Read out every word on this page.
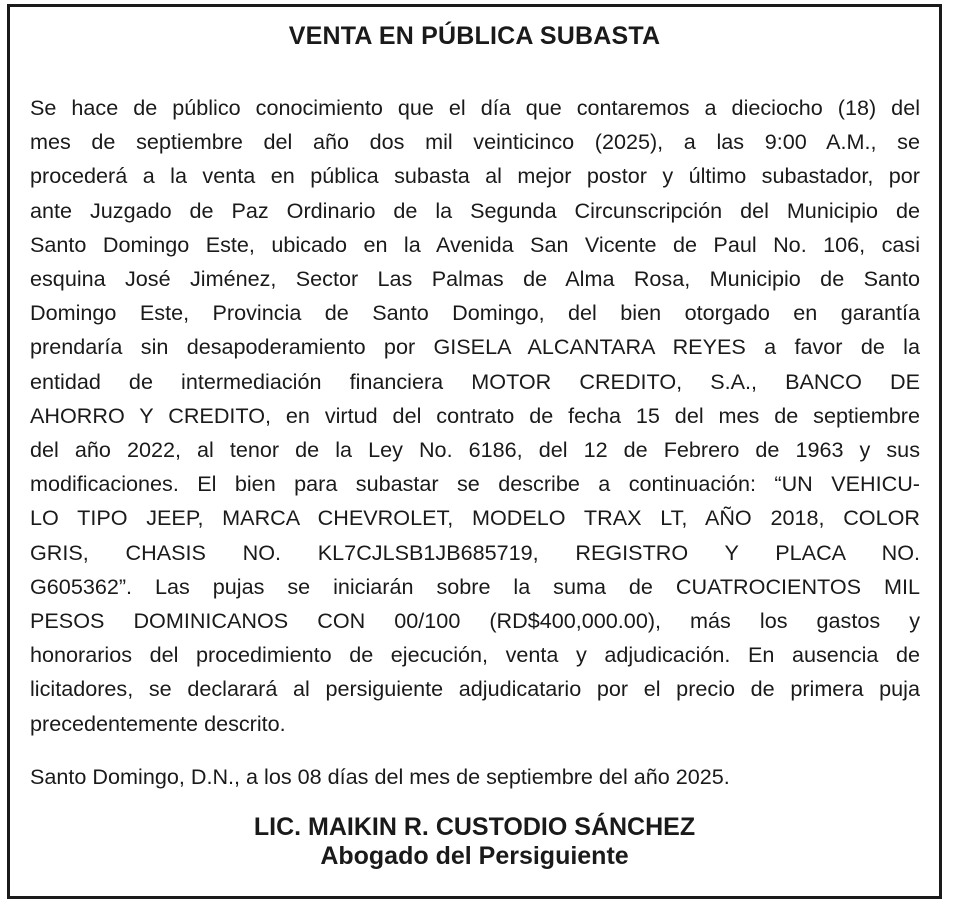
VENTA EN PÚBLICA SUBASTA
Se hace de público conocimiento que el día que contaremos a dieciocho (18) del
mes de septiembre del año dos mil veinticinco (2025), a las 9:00 A.M., se
procederá a la venta en pública subasta al mejor postor y último subastador, por
ante Juzgado de Paz Ordinario de la Segunda Circunscripción del Municipio de
Santo Domingo Este, ubicado en la Avenida San Vicente de Paul No. 106, casi
esquina José Jiménez, Sector Las Palmas de Alma Rosa, Municipio de Santo
Domingo Este, Provincia de Santo Domingo, del bien otorgado en garantía
prendaría sin desapoderamiento por GISELA ALCANTARA REYES a favor de la
entidad de intermediación financiera MOTOR CREDITO, S.A., BANCO DE
AHORRO Y CREDITO, en virtud del contrato de fecha 15 del mes de septiembre
del año 2022, al tenor de la Ley No. 6186, del 12 de Febrero de 1963 y sus
modificaciones. El bien para subastar se describe a continuación: “UN VEHICU-
LO TIPO JEEP, MARCA CHEVROLET, MODELO TRAX LT, AÑO 2018, COLOR
GRIS, CHASIS NO. KL7CJLSB1JB685719, REGISTRO Y PLACA NO.
G605362”. Las pujas se iniciarán sobre la suma de CUATROCIENTOS MIL
PESOS DOMINICANOS CON 00/100 (RD$400,000.00), más los gastos y
honorarios del procedimiento de ejecución, venta y adjudicación. En ausencia de
licitadores, se declarará al persiguiente adjudicatario por el precio de primera puja
precedentemente descrito.
Santo Domingo, D.N., a los 08 días del mes de septiembre del año 2025.
LIC. MAIKIN R. CUSTODIO SÁNCHEZ
Abogado del Persiguiente
